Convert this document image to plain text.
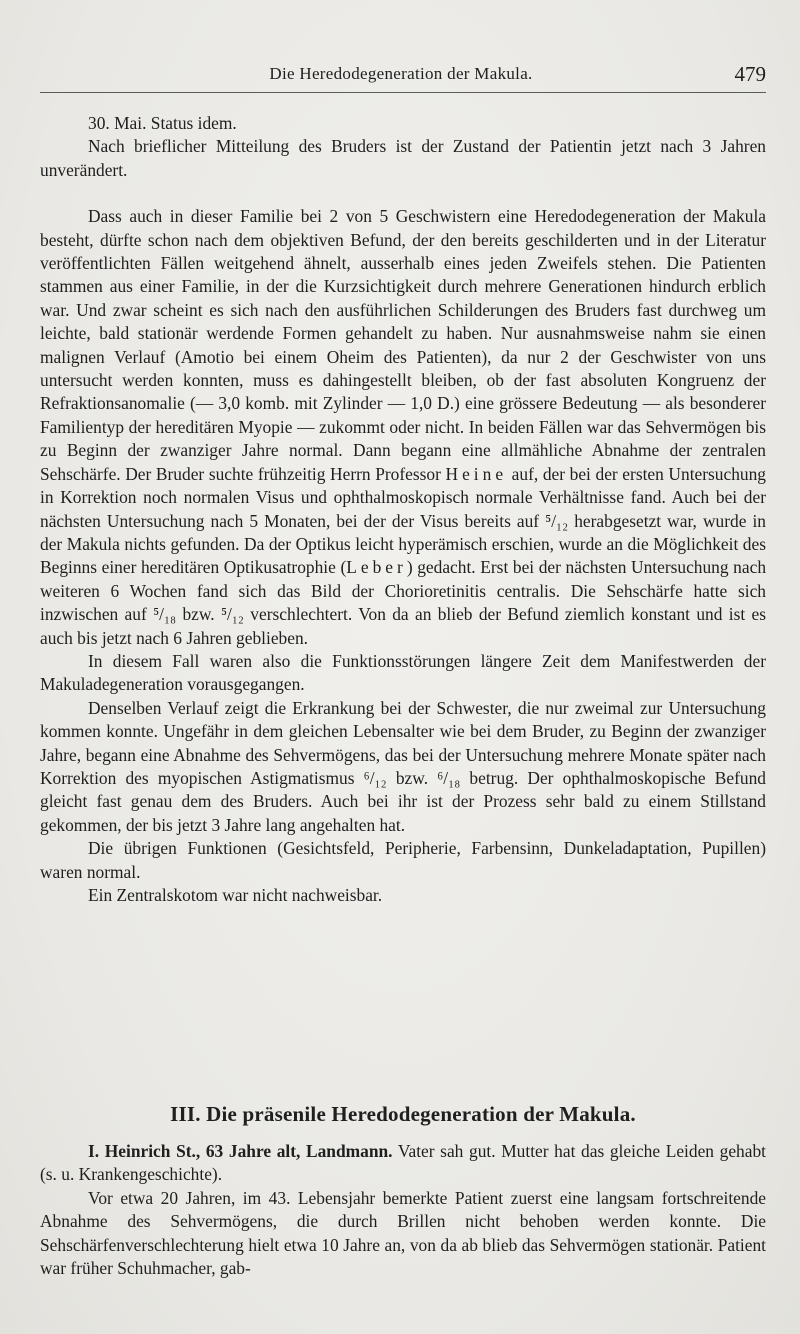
Die Heredodegeneration der Makula.	479

30. Mai. Status idem.

Nach brieflicher Mitteilung des Bruders ist der Zustand der Patientin jetzt nach 3 Jahren unverändert.

Dass auch in dieser Familie bei 2 von 5 Geschwistern eine Heredodegeneration der Makula besteht, dürfte schon nach dem objektiven Befund, der den bereits geschilderten und in der Literatur veröffentlichten Fällen weitgehend ähnelt, ausserhalb eines jeden Zweifels stehen. Die Patienten stammen aus einer Familie, in der die Kurzsichtigkeit durch mehrere Generationen hindurch erblich war. Und zwar scheint es sich nach den ausführlichen Schilderungen des Bruders fast durchweg um leichte, bald stationär werdende Formen gehandelt zu haben. Nur ausnahmsweise nahm sie einen malignen Verlauf (Amotio bei einem Oheim des Patienten), da nur 2 der Geschwister von uns untersucht werden konnten, muss es dahingestellt bleiben, ob der fast absoluten Kongruenz der Refraktionsanomalie (— 3,0 komb. mit Zylinder — 1,0 D.) eine grössere Bedeutung — als besonderer Familientyp der hereditären Myopie — zukommt oder nicht. In beiden Fällen war das Sehvermögen bis zu Beginn der zwanziger Jahre normal. Dann begann eine allmähliche Abnahme der zentralen Sehschärfe. Der Bruder suchte frühzeitig Herrn Professor Heine auf, der bei der ersten Untersuchung in Korrektion noch normalen Visus und ophthalmoskopisch normale Verhältnisse fand. Auch bei der nächsten Untersuchung nach 5 Monaten, bei der der Visus bereits auf ⁵/₁₂ herabgesetzt war, wurde in der Makula nichts gefunden. Da der Optikus leicht hyperämisch erschien, wurde an die Möglichkeit des Beginns einer hereditären Optikusatrophie (Leber) gedacht. Erst bei der nächsten Untersuchung nach weiteren 6 Wochen fand sich das Bild der Chorioretinitis centralis. Die Sehschärfe hatte sich inzwischen auf ⁵/₁₈ bzw. ⁵/₁₂ verschlechtert. Von da an blieb der Befund ziemlich konstant und ist es auch bis jetzt nach 6 Jahren geblieben.

In diesem Fall waren also die Funktionsstörungen längere Zeit dem Manifestwerden der Makuladegeneration vorausgegangen.

Denselben Verlauf zeigt die Erkrankung bei der Schwester, die nur zweimal zur Untersuchung kommen konnte. Ungefähr in dem gleichen Lebensalter wie bei dem Bruder, zu Beginn der zwanziger Jahre, begann eine Abnahme des Sehvermögens, das bei der Untersuchung mehrere Monate später nach Korrektion des myopischen Astigmatismus ⁶/₁₂ bzw. ⁶/₁₈ betrug. Der ophthalmoskopische Befund gleicht fast genau dem des Bruders. Auch bei ihr ist der Prozess sehr bald zu einem Stillstand gekommen, der bis jetzt 3 Jahre lang angehalten hat.

Die übrigen Funktionen (Gesichtsfeld, Peripherie, Farbensinn, Dunkeladaptation, Pupillen) waren normal.

Ein Zentralskotom war nicht nachweisbar.

III. Die präsenile Heredodegeneration der Makula.

I. Heinrich St., 63 Jahre alt, Landmann. Vater sah gut. Mutter hat das gleiche Leiden gehabt (s. u. Krankengeschichte).

Vor etwa 20 Jahren, im 43. Lebensjahr bemerkte Patient zuerst eine langsam fortschreitende Abnahme des Sehvermögens, die durch Brillen nicht behoben werden konnte. Die Sehschärfenverschlechterung hielt etwa 10 Jahre an, von da ab blieb das Sehvermögen stationär. Patient war früher Schuhmacher, gab-
